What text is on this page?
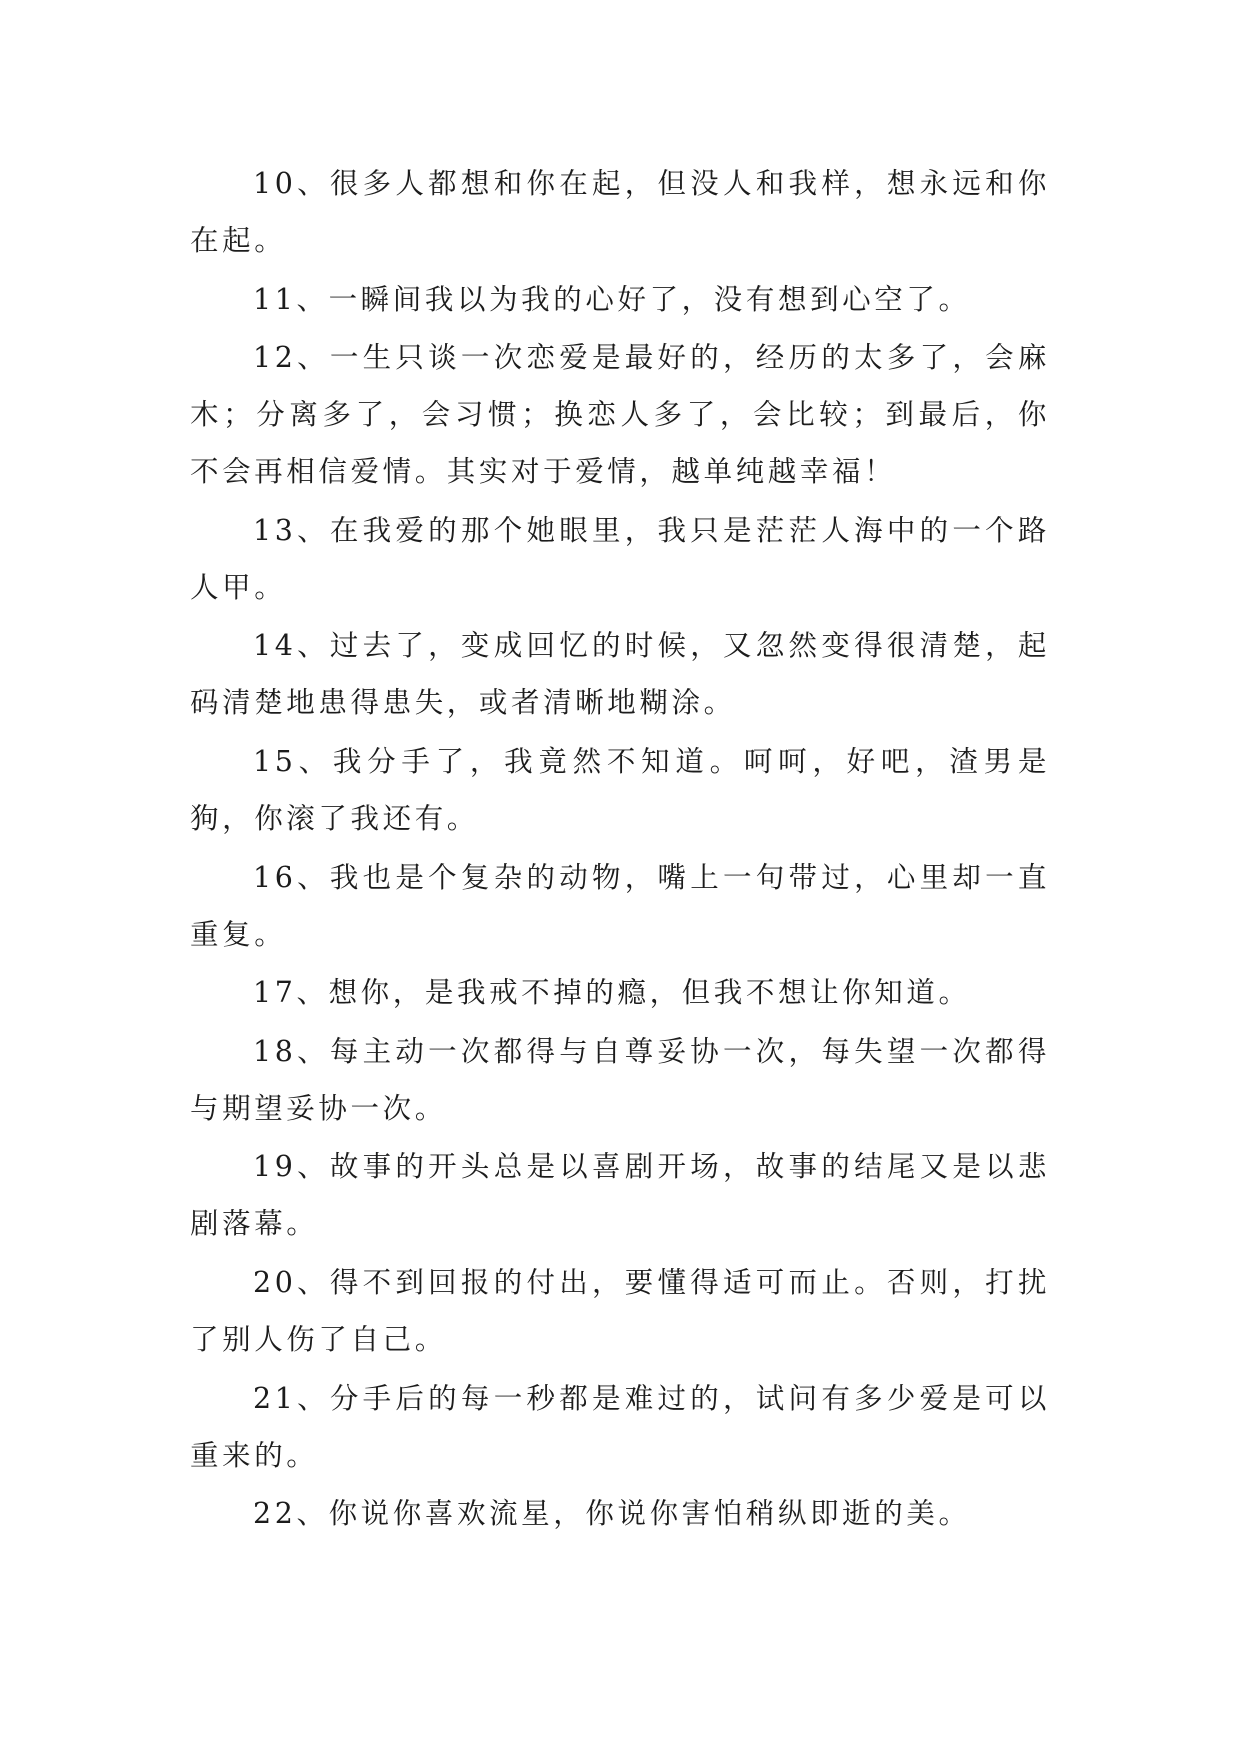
10、很多人都想和你在起，但没人和我样，想永远和你在起。

11、一瞬间我以为我的心好了，没有想到心空了。

12、一生只谈一次恋爱是最好的，经历的太多了，会麻木；分离多了，会习惯；换恋人多了，会比较；到最后，你不会再相信爱情。其实对于爱情，越单纯越幸福！

13、在我爱的那个她眼里，我只是茫茫人海中的一个路人甲。

14、过去了，变成回忆的时候，又忽然变得很清楚，起码清楚地患得患失，或者清晰地糊涂。

15、我分手了，我竟然不知道。呵呵，好吧，渣男是狗，你滚了我还有。

16、我也是个复杂的动物，嘴上一句带过，心里却一直重复。

17、想你，是我戒不掉的瘾，但我不想让你知道。

18、每主动一次都得与自尊妥协一次，每失望一次都得与期望妥协一次。

19、故事的开头总是以喜剧开场，故事的结尾又是以悲剧落幕。

20、得不到回报的付出，要懂得适可而止。否则，打扰了别人伤了自己。

21、分手后的每一秒都是难过的，试问有多少爱是可以重来的。

22、你说你喜欢流星，你说你害怕稍纵即逝的美。
